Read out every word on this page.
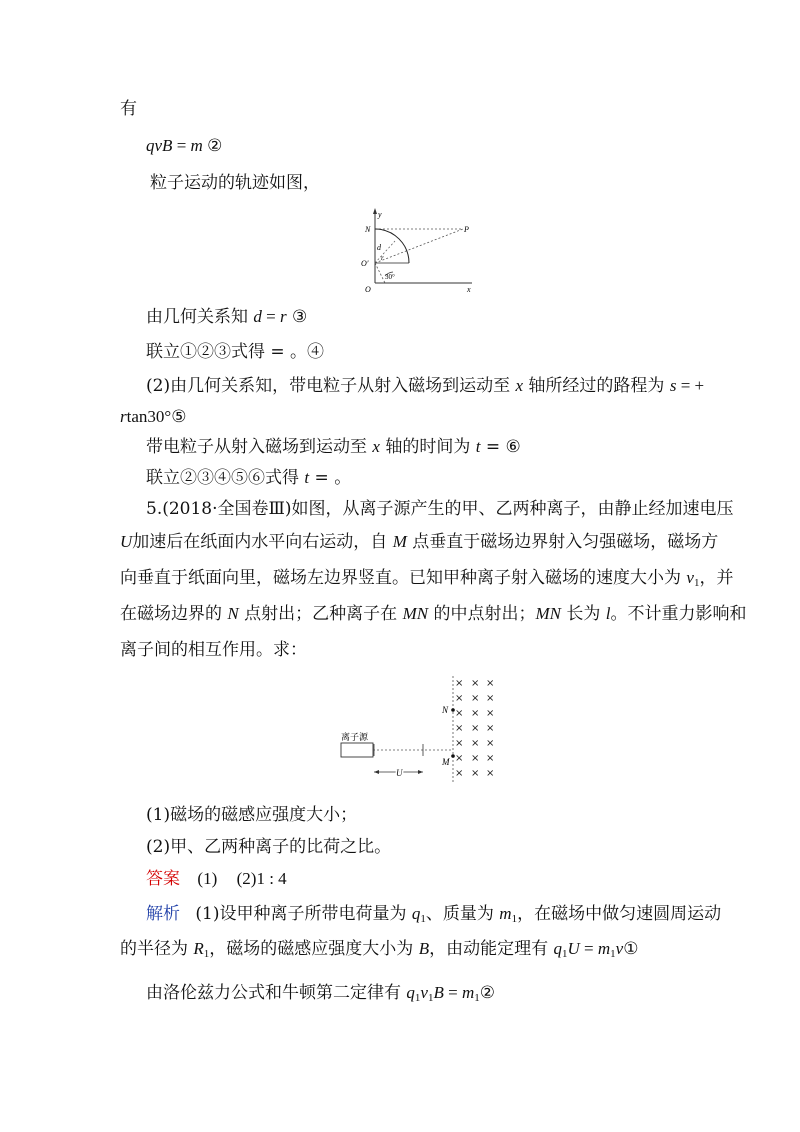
有
qvB = m ②
粒子运动的轨迹如图，
y
x
N
O
O′
P
d
r
30°
由几何关系知 d = r ③
联立①②③式得 = 。④
(2)由几何关系知，带电粒子从射入磁场到运动至 x 轴所经过的路程为 s = +
rtan30°⑤
带电粒子从射入磁场到运动至 x 轴的时间为 t = ⑥
联立②③④⑤⑥式得 t = 。
5.(2018·全国卷Ⅲ)如图，从离子源产生的甲、乙两种离子，由静止经加速电压
U加速后在纸面内水平向右运动，自 M 点垂直于磁场边界射入匀强磁场，磁场方
向垂直于纸面向里，磁场左边界竖直。已知甲种离子射入磁场的速度大小为 $v_1$，并
在磁场边界的 N 点射出；乙种离子在 MN 的中点射出；MN 长为 l。不计重力影响和
离子间的相互作用。求：
离子源
U
N
M
× × ×
× × ×
× × ×
× × ×
× × ×
× × ×
× × ×
(1)磁场的磁感应强度大小；
(2)甲、乙两种离子的比荷之比。
答案 (1) (2)1 : 4
解析 (1)设甲种离子所带电荷量为 $q_1$、质量为 $m_1$，在磁场中做匀速圆周运动
的半径为 $R_1$，磁场的磁感应强度大小为 B，由动能定理有 $q_1U$ = $m_1v①$
由洛伦兹力公式和牛顿第二定律有 $q_1v_1B$ = $m_1②$
